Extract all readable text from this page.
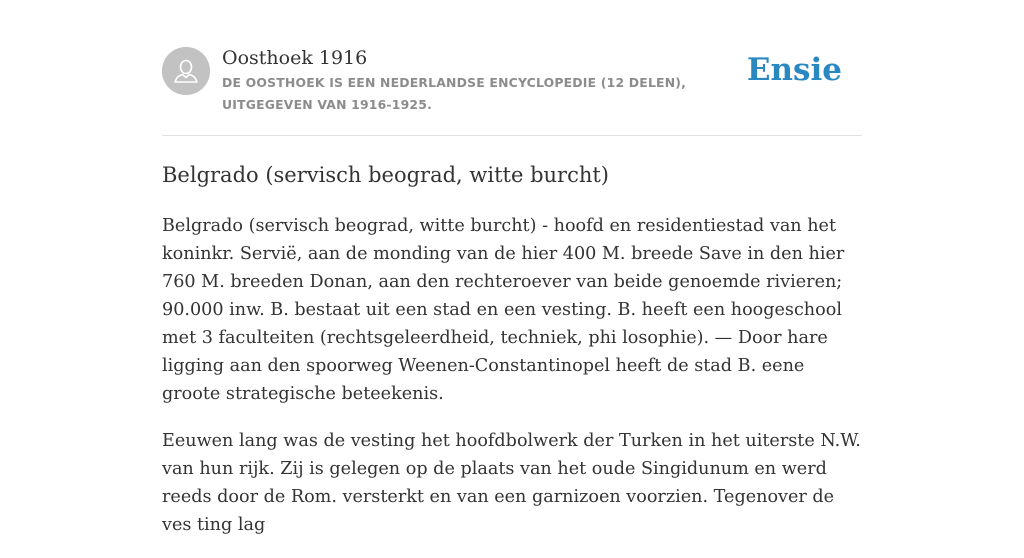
Oosthoek 1916
DE OOSTHOEK IS EEN NEDERLANDSE ENCYCLOPEDIE (12 DELEN), UITGEGEVEN VAN 1916-1925.
Ensie
Belgrado (servisch beograd, witte burcht)

Belgrado (servisch beograd, witte burcht) - hoofd en residentiestad van het koninkr. Servië, aan de monding van de hier 400 M. breede Save in den hier 760 M. breeden Donan, aan den rechteroever van beide genoemde rivieren; 90.000 inw. B. bestaat uit een stad en een vesting. B. heeft een hoogeschool met 3 faculteiten (rechtsgeleerdheid, techniek, phi losophie). — Door hare ligging aan den spoorweg Weenen-Constantinopel heeft de stad B. eene groote strategische beteekenis.

Eeuwen lang was de vesting het hoofdbolwerk der Turken in het uiterste N.W. van hun rijk. Zij is gelegen op de plaats van het oude Singidunum en werd reeds door de Rom. versterkt en van een garnizoen voorzien. Tegenover de ves ting lag
